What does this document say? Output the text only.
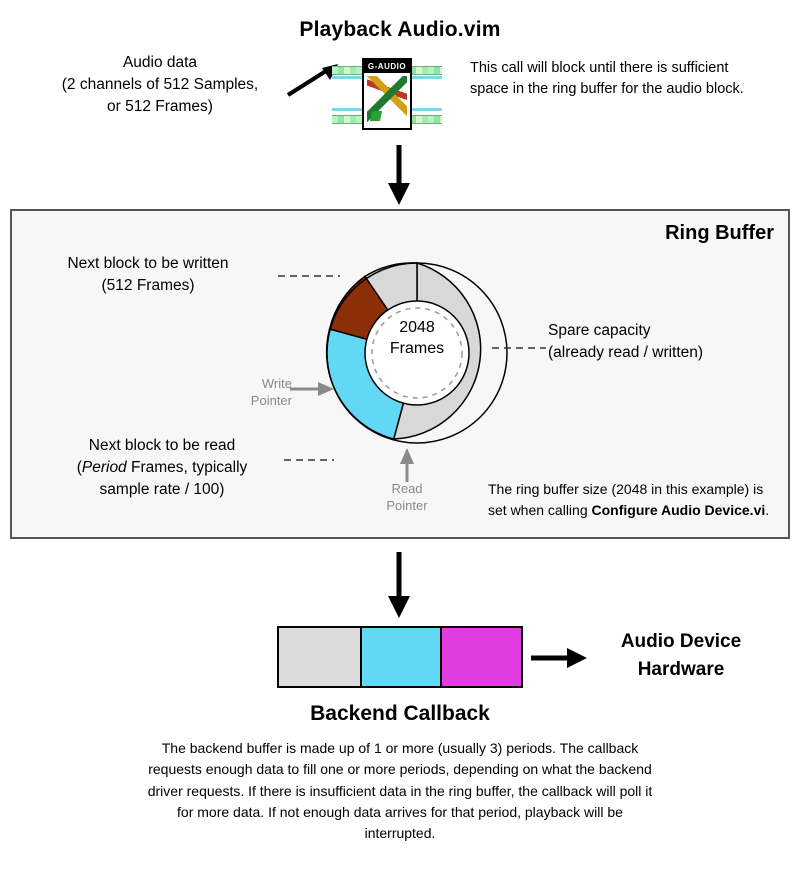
Playback Audio.vim
Audio data
(2 channels of 512 Samples,
or 512 Frames)
G-AUDIO	This call will block until there is sufficient space in the ring buffer for the audio block.
Ring Buffer
2048
Frames
Write
Pointer
Read
Pointer
Next block to be written
(512 Frames)
Next block to be read
(Period Frames, typically
sample rate / 100)
Spare capacity
(already read / written)
The ring buffer size (2048 in this example) is set when calling Configure Audio Device.vi.
Audio Device
Hardware
Backend Callback
The backend buffer is made up of 1 or more (usually 3) periods. The callback requests enough data to fill one or more periods, depending on what the backend driver requests. If there is insufficient data in the ring buffer, the callback will poll it for more data. If not enough data arrives for that period, playback will be interrupted.
